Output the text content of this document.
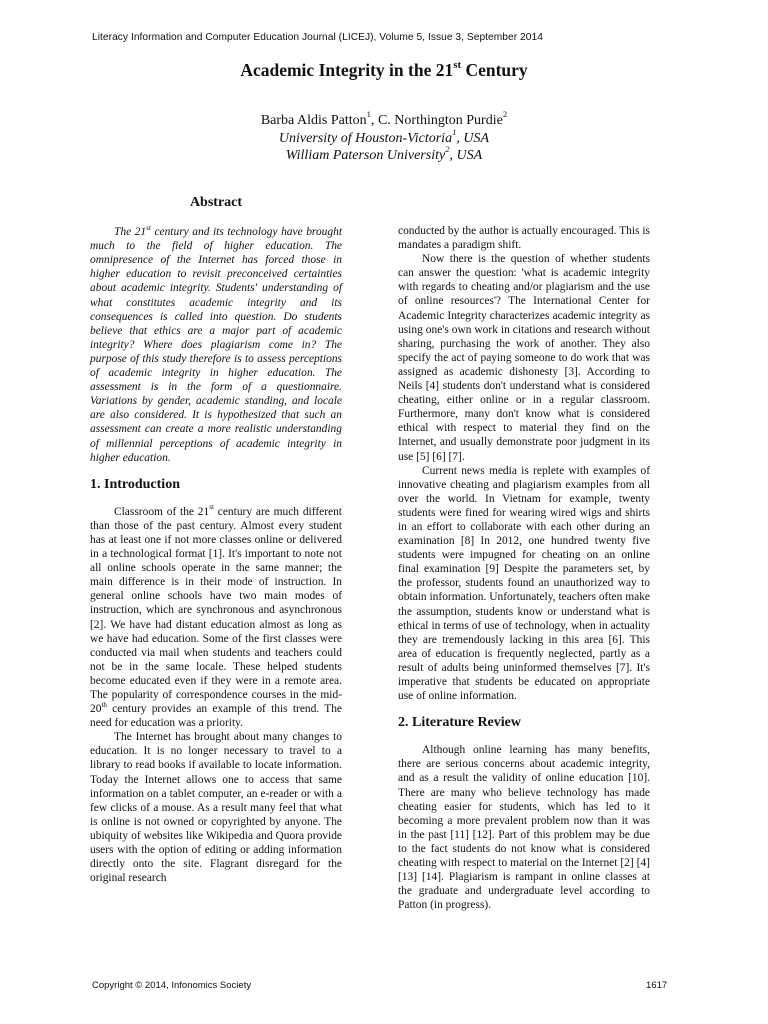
Literacy Information and Computer Education Journal (LICEJ), Volume 5, Issue 3, September 2014
Academic Integrity in the 21st Century
Barba Aldis Patton$^1$, C. Northington Purdie$^2$
University of Houston-Victoria$^1$, USA
William Paterson University$^2$, USA
Abstract

The 21st century and its technology have brought much to the field of higher education. The omnipresence of the Internet has forced those in higher education to revisit preconceived certainties about academic integrity. Students' understanding of what constitutes academic integrity and its consequences is called into question. Do students believe that ethics are a major part of academic integrity? Where does plagiarism come in? The purpose of this study therefore is to assess perceptions of academic integrity in higher education. The assessment is in the form of a questionnaire. Variations by gender, academic standing, and locale are also considered. It is hypothesized that such an assessment can create a more realistic understanding of millennial perceptions of academic integrity in higher education.

1. Introduction

Classroom of the 21st century are much different than those of the past century. Almost every student has at least one if not more classes online or delivered in a technological format [1]. It's important to note not all online schools operate in the same manner; the main difference is in their mode of instruction. In general online schools have two main modes of instruction, which are synchronous and asynchronous [2]. We have had distant education almost as long as we have had education. Some of the first classes were conducted via mail when students and teachers could not be in the same locale. These helped students become educated even if they were in a remote area. The popularity of correspondence courses in the mid-20th century provides an example of this trend. The need for education was a priority.

The Internet has brought about many changes to education. It is no longer necessary to travel to a library to read books if available to locate information. Today the Internet allows one to access that same information on a tablet computer, an e-reader or with a few clicks of a mouse. As a result many feel that what is online is not owned or copyrighted by anyone. The ubiquity of websites like Wikipedia and Quora provide users with the option of editing or adding information directly onto the site. Flagrant disregard for the original research

conducted by the author is actually encouraged. This is mandates a paradigm shift.

Now there is the question of whether students can answer the question: 'what is academic integrity with regards to cheating and/or plagiarism and the use of online resources'? The International Center for Academic Integrity characterizes academic integrity as using one's own work in citations and research without sharing, purchasing the work of another. They also specify the act of paying someone to do work that was assigned as academic dishonesty [3]. According to Neils [4] students don't understand what is considered cheating, either online or in a regular classroom. Furthermore, many don't know what is considered ethical with respect to material they find on the Internet, and usually demonstrate poor judgment in its use [5] [6] [7].

Current news media is replete with examples of innovative cheating and plagiarism examples from all over the world. In Vietnam for example, twenty students were fined for wearing wired wigs and shirts in an effort to collaborate with each other during an examination [8] In 2012, one hundred twenty five students were impugned for cheating on an online final examination [9] Despite the parameters set, by the professor, students found an unauthorized way to obtain information. Unfortunately, teachers often make the assumption, students know or understand what is ethical in terms of use of technology, when in actuality they are tremendously lacking in this area [6]. This area of education is frequently neglected, partly as a result of adults being uninformed themselves [7]. It's imperative that students be educated on appropriate use of online information.

2. Literature Review

Although online learning has many benefits, there are serious concerns about academic integrity, and as a result the validity of online education [10]. There are many who believe technology has made cheating easier for students, which has led to it becoming a more prevalent problem now than it was in the past [11] [12]. Part of this problem may be due to the fact students do not know what is considered cheating with respect to material on the Internet [2] [4] [13] [14]. Plagiarism is rampant in online classes at the graduate and undergraduate level according to Patton (in progress).

Copyright © 2014, Infonomics Society	1617
